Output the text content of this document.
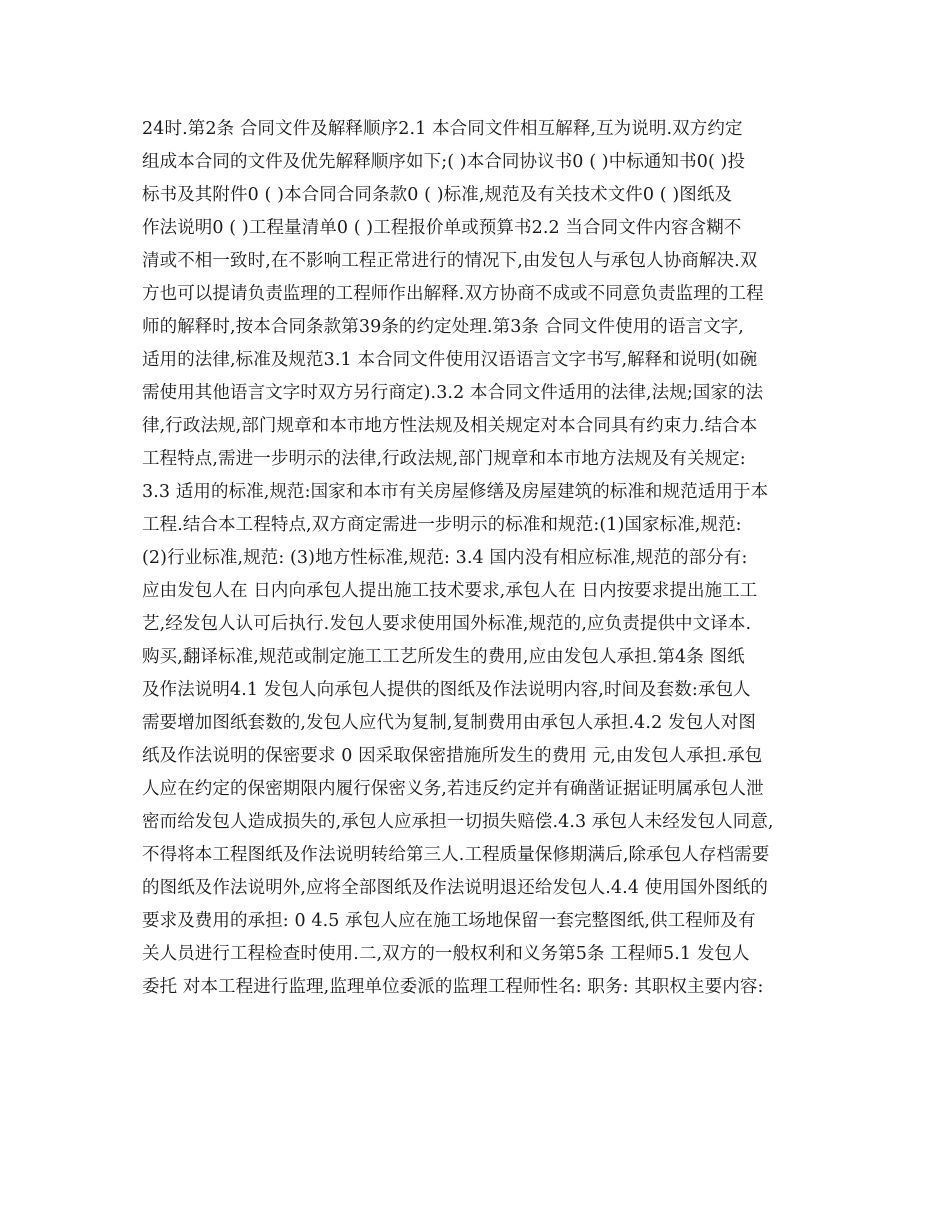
24时.第2条 合同文件及解释顺序2.1 本合同文件相互解释,互为说明.双方约定
组成本合同的文件及优先解释顺序如下;( )本合同协议书0 ( )中标通知书0( )投
标书及其附件0 ( )本合同合同条款0 ( )标准,规范及有关技术文件0 ( )图纸及
作法说明0 ( )工程量清单0 ( )工程报价单或预算书2.2 当合同文件内容含糊不
清或不相一致时,在不影响工程正常进行的情况下,由发包人与承包人协商解决.双
方也可以提请负责监理的工程师作出解释.双方协商不成或不同意负责监理的工程
师的解释时,按本合同条款第39条的约定处理.第3条 合同文件使用的语言文字,
适用的法律,标准及规范3.1 本合同文件使用汉语语言文字书写,解释和说明(如碗
需使用其他语言文字时双方另行商定).3.2 本合同文件适用的法律,法规;国家的法
律,行政法规,部门规章和本市地方性法规及相关规定对本合同具有约束力.结合本
工程特点,需进一步明示的法律,行政法规,部门规章和本市地方法规及有关规定:
3.3 适用的标准,规范:国家和本市有关房屋修缮及房屋建筑的标准和规范适用于本
工程.结合本工程特点,双方商定需进一步明示的标准和规范:(1)国家标准,规范:
(2)行业标准,规范: (3)地方性标准,规范: 3.4 国内没有相应标准,规范的部分有:
应由发包人在 日内向承包人提出施工技术要求,承包人在 日内按要求提出施工工
艺,经发包人认可后执行.发包人要求使用国外标准,规范的,应负责提供中文译本.
购买,翻译标准,规范或制定施工工艺所发生的费用,应由发包人承担.第4条 图纸
及作法说明4.1 发包人向承包人提供的图纸及作法说明内容,时间及套数:承包人
需要增加图纸套数的,发包人应代为复制,复制费用由承包人承担.4.2 发包人对图
纸及作法说明的保密要求 0 因采取保密措施所发生的费用 元,由发包人承担.承包
人应在约定的保密期限内履行保密义务,若违反约定并有确凿证据证明属承包人泄
密而给发包人造成损失的,承包人应承担一切损失赔偿.4.3 承包人未经发包人同意,
不得将本工程图纸及作法说明转给第三人.工程质量保修期满后,除承包人存档需要
的图纸及作法说明外,应将全部图纸及作法说明退还给发包人.4.4 使用国外图纸的
要求及费用的承担: 0 4.5 承包人应在施工场地保留一套完整图纸,供工程师及有
关人员进行工程检查时使用.二,双方的一般权利和义务第5条 工程师5.1 发包人
委托 对本工程进行监理,监理单位委派的监理工程师性名: 职务: 其职权主要内容:
